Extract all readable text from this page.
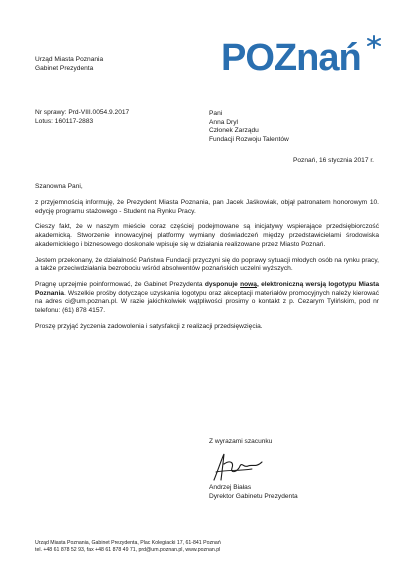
POZnań
Urząd Miasta Poznania
Gabinet Prezydenta
Nr sprawy: Prd-VIII.0054.9.2017
Lotus: 160117-2883
Pani
Anna Dryl
Członek Zarządu
Fundacji Rozwoju Talentów
Poznań, 16 stycznia 2017 r.
Szanowna Pani,

z przyjemnością informuję, że Prezydent Miasta Poznania, pan Jacek Jaśkowiak, objął patronatem honorowym 10. edycję programu stażowego - Student na Rynku Pracy.

Cieszy fakt, że w naszym mieście coraz częściej podejmowane są inicjatywy wspierające przedsiębiorczość akademicką. Stworzenie innowacyjnej platformy wymiany doświadczeń między przedstawicielami środowiska akademickiego i biznesowego doskonale wpisuje się w działania realizowane przez Miasto Poznań.

Jestem przekonany, że działalność Państwa Fundacji przyczyni się do poprawy sytuacji młodych osób na rynku pracy, a także przeciwdziałania bezrobociu wśród absolwentów poznańskich uczelni wyższych.

Pragnę uprzejmie poinformować, że Gabinet Prezydenta dysponuje nową, elektroniczną wersją logotypu Miasta Poznania. Wszelkie prośby dotyczące uzyskania logotypu oraz akceptacji materiałów promocyjnych należy kierować na adres ci@um.poznan.pl. W razie jakichkolwiek wątpliwości prosimy o kontakt z p. Cezarym Tylińskim, pod nr telefonu: (61) 878 4157.

Proszę przyjąć życzenia zadowolenia i satysfakcji z realizacji przedsięwzięcia.

Z wyrazami szacunku
Andrzej Białas
Dyrektor Gabinetu Prezydenta
Urząd Miasta Poznania, Gabinet Prezydenta, Plac Kolegiacki 17, 61-841 Poznań
tel. +48 61 878 52 93, fax +48 61 878 49 71, prd@um.poznan.pl, www.poznan.pl
